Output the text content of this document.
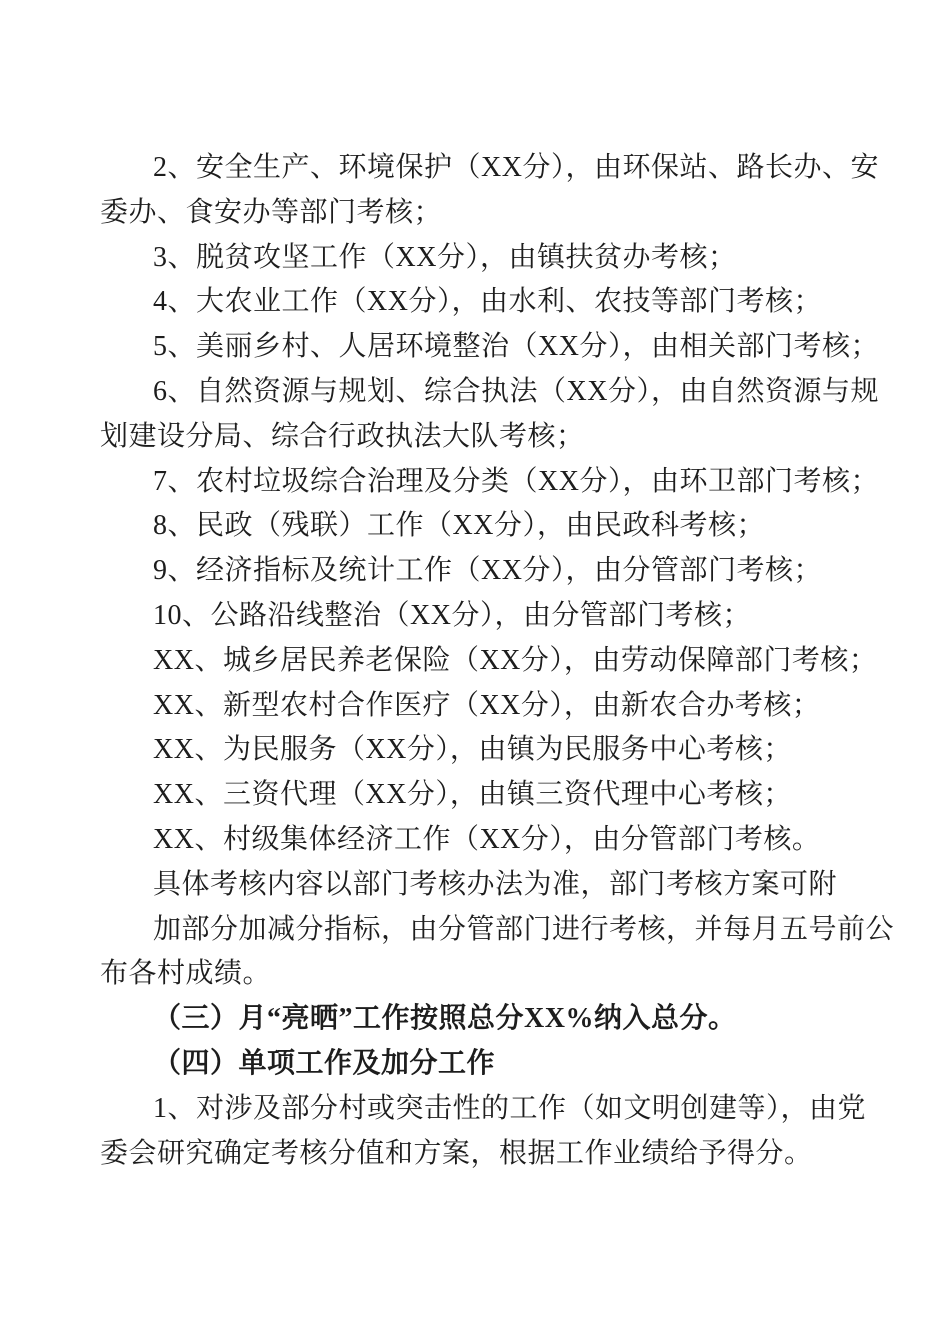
2、安全生产、环境保护（XX分），由环保站、路长办、安
委办、食安办等部门考核；
3、脱贫攻坚工作（XX分），由镇扶贫办考核；
4、大农业工作（XX分），由水利、农技等部门考核；
5、美丽乡村、人居环境整治（XX分），由相关部门考核；
6、自然资源与规划、综合执法（XX分），由自然资源与规
划建设分局、综合行政执法大队考核；
7、农村垃圾综合治理及分类（XX分），由环卫部门考核；
8、民政（残联）工作（XX分），由民政科考核；
9、经济指标及统计工作（XX分），由分管部门考核；
10、公路沿线整治（XX分），由分管部门考核；
XX、城乡居民养老保险（XX分），由劳动保障部门考核；
XX、新型农村合作医疗（XX分），由新农合办考核；
XX、为民服务（XX分），由镇为民服务中心考核；
XX、三资代理（XX分），由镇三资代理中心考核；
XX、村级集体经济工作（XX分），由分管部门考核。
具体考核内容以部门考核办法为准，部门考核方案可附
加部分加减分指标，由分管部门进行考核，并每月五号前公
布各村成绩。
（三）月“亮晒”工作按照总分XX%纳入总分。
（四）单项工作及加分工作
1、对涉及部分村或突击性的工作（如文明创建等），由党
委会研究确定考核分值和方案，根据工作业绩给予得分。
